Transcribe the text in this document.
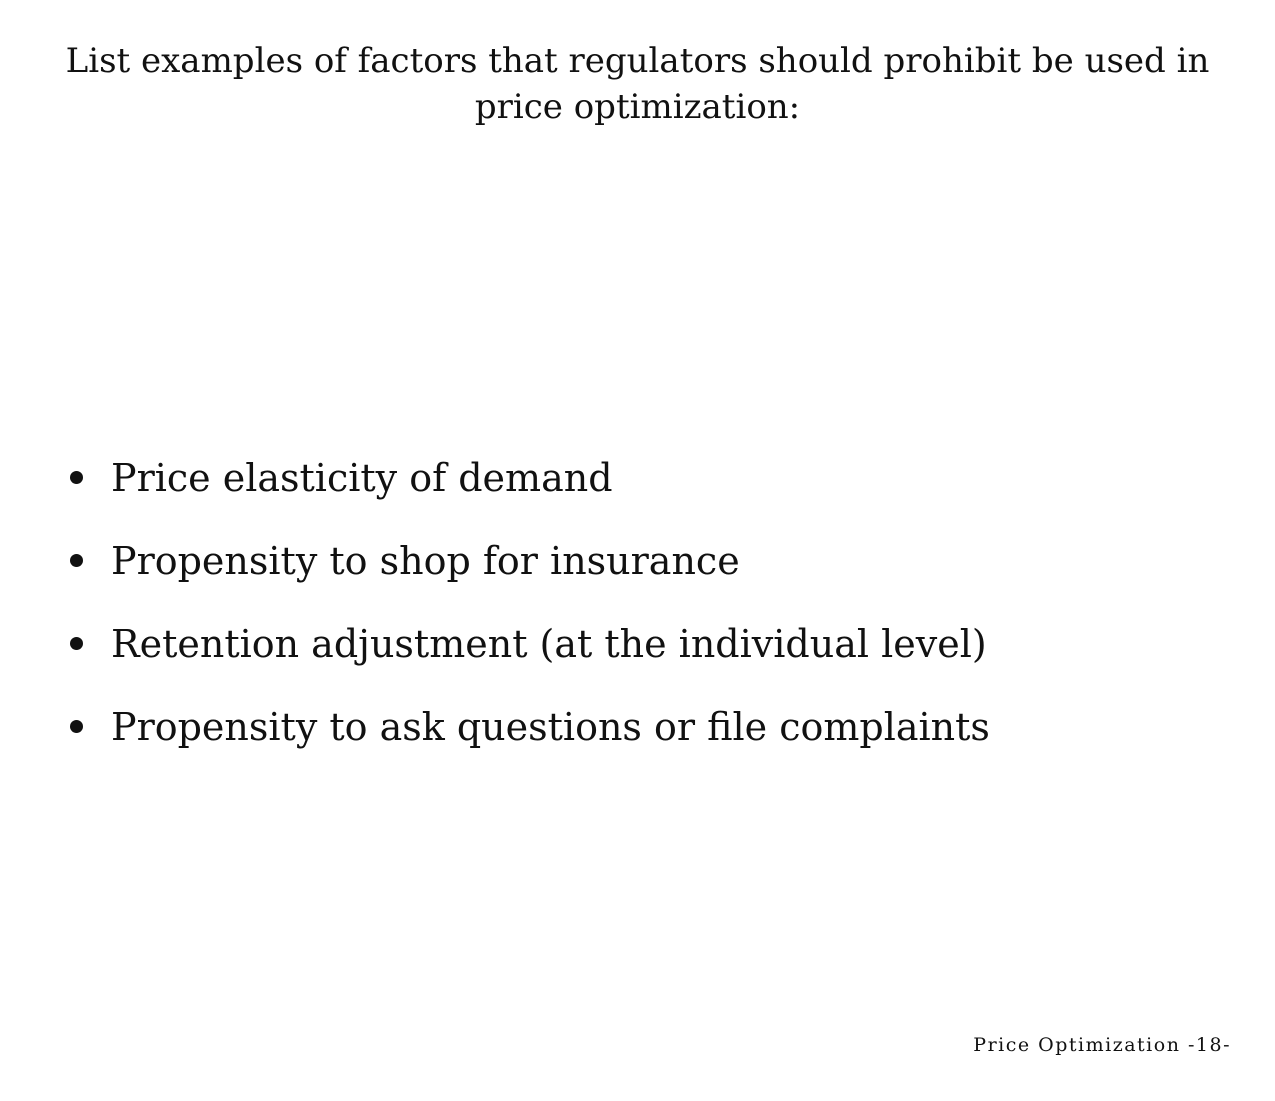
List examples of factors that regulators should prohibit be used in price optimization:
Price elasticity of demand
Propensity to shop for insurance
Retention adjustment (at the individual level)
Propensity to ask questions or file complaints
Price Optimization -18-
